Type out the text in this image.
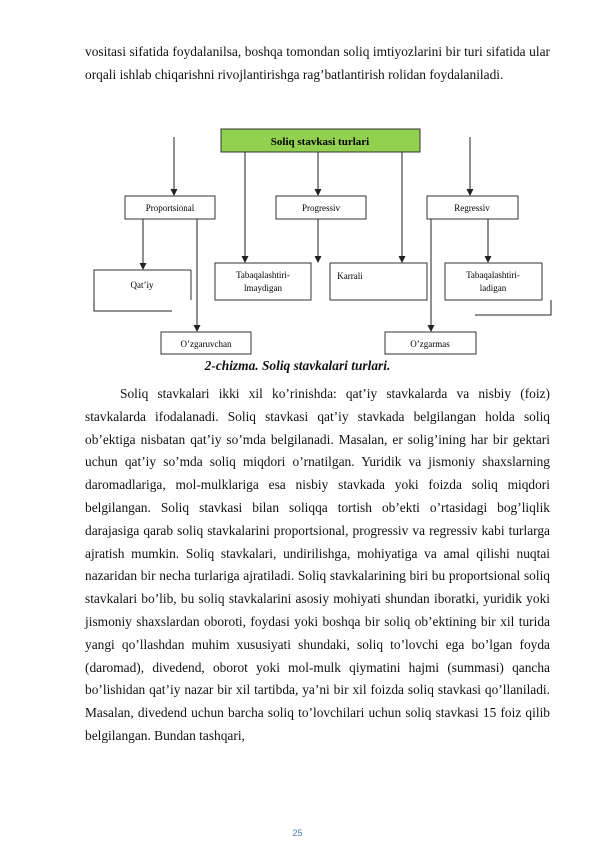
vositasi sifatida foydalanilsa, boshqa tomondan soliq imtiyozlarini bir turi sifatida ular orqali ishlab chiqarishni rivojlantirishga rag’batlantirish rolidan foydalaniladi.

Soliq stavkasi turlari
Proportsional	Progressiv	Regressiv
Qat’iy
Tabaqalashtiri-
lmaydigan
Karrali	Tabaqalashtiri-
ladigan
O’zgaruvchan	O’zgarmas

2-chizma. Soliq stavkalari turlari.

Soliq stavkalari ikki xil ko’rinishda: qat’iy stavkalarda va nisbiy (foiz) stavkalarda ifodalanadi. Soliq stavkasi qat’iy stavkada belgilangan holda soliq ob’ektiga nisbatan qat’iy so’mda belgilanadi. Masalan, er solig’ining har bir gektari uchun qat’iy so’mda soliq miqdori o’rnatilgan. Yuridik va jismoniy shaxslarning daromadlariga, mol-mulklariga esa nisbiy stavkada yoki foizda soliq miqdori belgilangan. Soliq stavkasi bilan soliqqa tortish ob’ekti o’rtasidagi bog’liqlik darajasiga qarab soliq stavkalarini proportsional, progressiv va regressiv kabi turlarga ajratish mumkin. Soliq stavkalari, undirilishga, mohiyatiga va amal qilishi nuqtai nazaridan bir necha turlariga ajratiladi. Soliq stavkalarining biri bu proportsional soliq stavkalari bo’lib, bu soliq stavkalarini asosiy mohiyati shundan iboratki, yuridik yoki jismoniy shaxslardan oboroti, foydasi yoki boshqa bir soliq ob’ektining bir xil turida yangi qo’llashdan muhim xususiyati shundaki, soliq to’lovchi ega bo’lgan foyda (daromad), divedend, oborot yoki mol-mulk qiymatini hajmi (summasi) qancha bo’lishidan qat’iy nazar bir xil tartibda, ya’ni bir xil foizda soliq stavkasi qo’llaniladi. Masalan, divedend uchun barcha soliq to’lovchilari uchun soliq stavkasi 15 foiz qilib belgilangan. Bundan tashqari,

25
